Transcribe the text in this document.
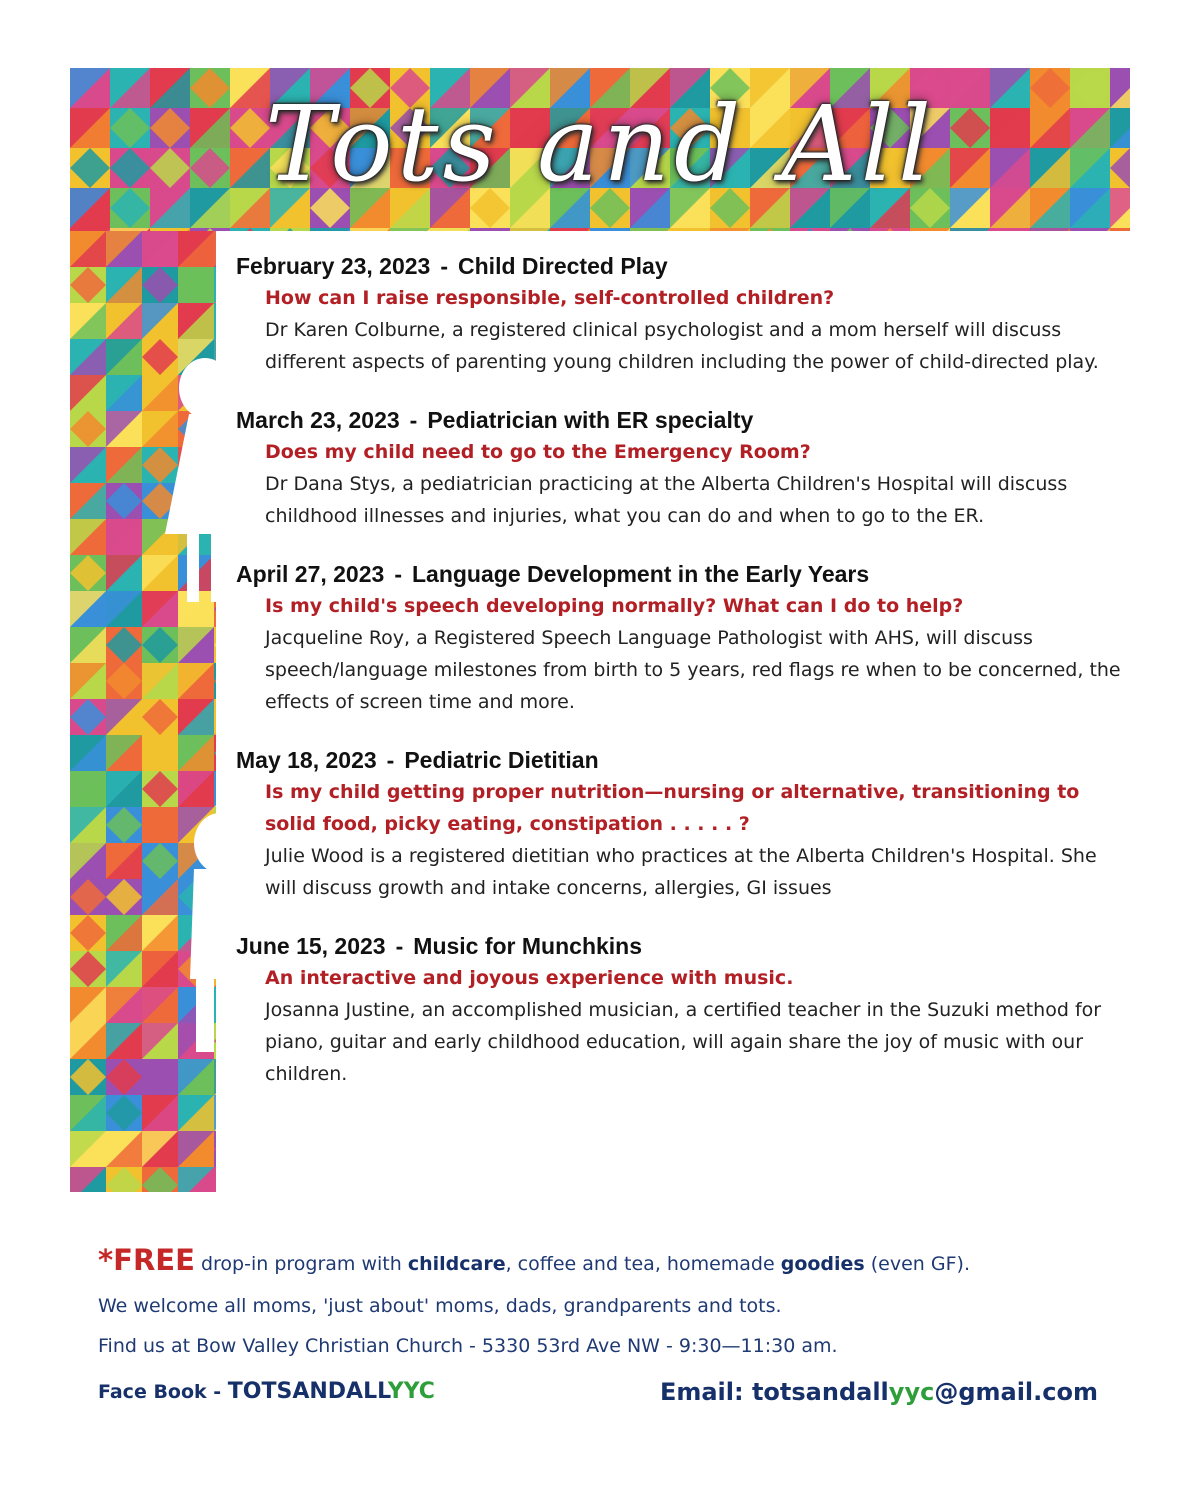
Tots and All
February 23, 2023 - Child Directed Play
How can I raise responsible, self-controlled children?
Dr Karen Colburne, a registered clinical psychologist and a mom herself will discuss different aspects of parenting young children including the power of child-directed play.
March 23, 2023 - Pediatrician with ER specialty
Does my child need to go to the Emergency Room?
Dr Dana Stys, a pediatrician practicing at the Alberta Children's Hospital will discuss childhood illnesses and injuries, what you can do and when to go to the ER.
April 27, 2023 - Language Development in the Early Years
Is my child's speech developing normally? What can I do to help?
Jacqueline Roy, a Registered Speech Language Pathologist with AHS, will discuss speech/language milestones from birth to 5 years, red flags re when to be concerned, the effects of screen time and more.
May 18, 2023 - Pediatric Dietitian
Is my child getting proper nutrition—nursing or alternative, transitioning to solid food, picky eating, constipation . . . . . ?
Julie Wood is a registered dietitian who practices at the Alberta Children's Hospital. She will discuss growth and intake concerns, allergies, GI issues
June 15, 2023 - Music for Munchkins
An interactive and joyous experience with music.
Josanna Justine, an accomplished musician, a certified teacher in the Suzuki method for piano, guitar and early childhood education, will again share the joy of music with our children.
*FREE drop-in program with childcare, coffee and tea, homemade goodies (even GF).
We welcome all moms, 'just about' moms, dads, grandparents and tots.
Find us at Bow Valley Christian Church - 5330 53rd Ave NW - 9:30—11:30 am.
Face Book - TOTSANDALLYYC	Email: totsandallyyc@gmail.com
